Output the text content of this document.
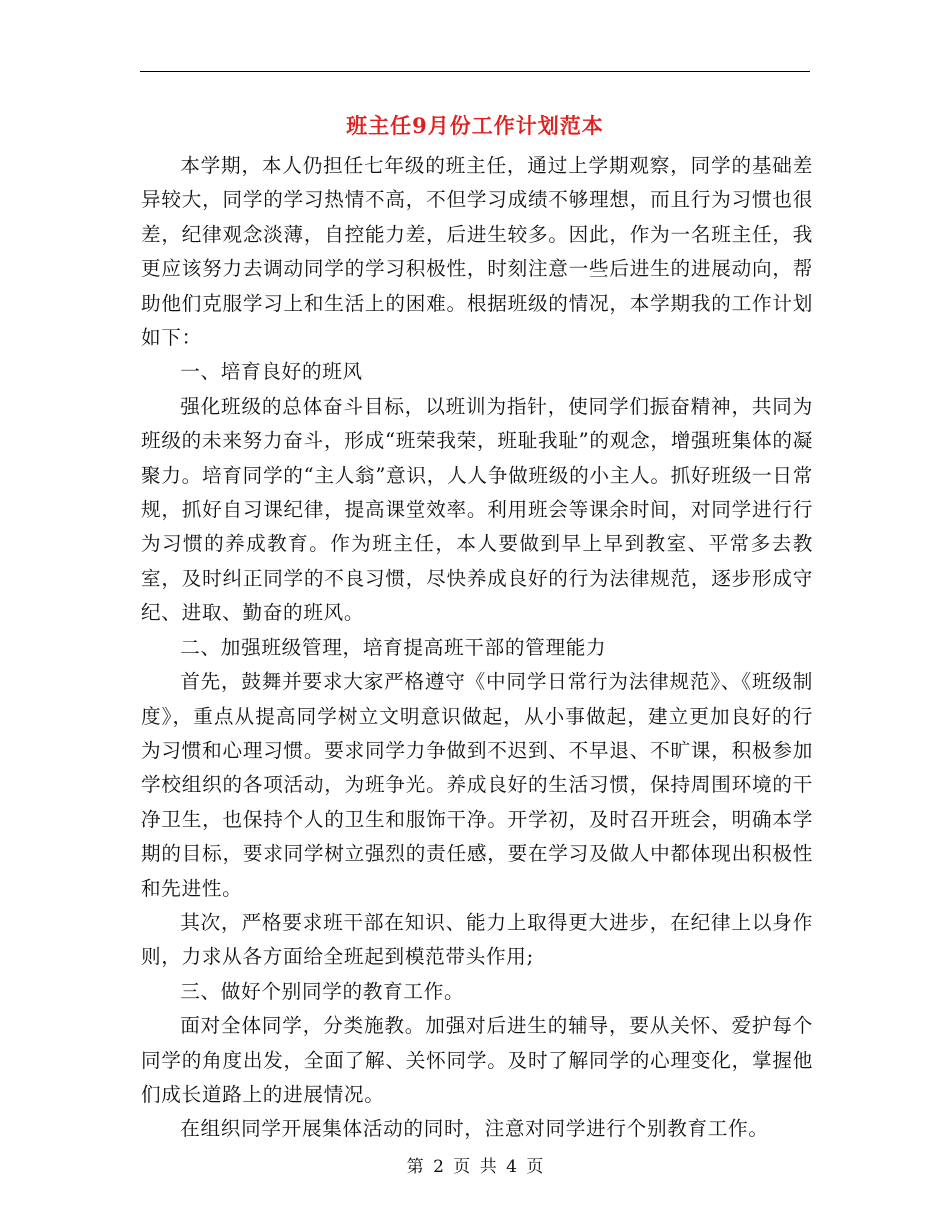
班主任9月份工作计划范本

本学期，本人仍担任七年级的班主任，通过上学期观察，同学的基础差异较大，同学的学习热情不高，不但学习成绩不够理想，而且行为习惯也很差，纪律观念淡薄，自控能力差，后进生较多。因此，作为一名班主任，我更应该努力去调动同学的学习积极性，时刻注意一些后进生的进展动向，帮助他们克服学习上和生活上的困难。根据班级的情况，本学期我的工作计划如下：

一、培育良好的班风

强化班级的总体奋斗目标，以班训为指针，使同学们振奋精神，共同为班级的未来努力奋斗，形成“班荣我荣，班耻我耻”的观念，增强班集体的凝聚力。培育同学的“主人翁”意识，人人争做班级的小主人。抓好班级一日常规，抓好自习课纪律，提高课堂效率。利用班会等课余时间，对同学进行行为习惯的养成教育。作为班主任，本人要做到早上早到教室、平常多去教室，及时纠正同学的不良习惯，尽快养成良好的行为法律规范，逐步形成守纪、进取、勤奋的班风。

二、加强班级管理，培育提高班干部的管理能力

首先，鼓舞并要求大家严格遵守《中同学日常行为法律规范》、《班级制度》，重点从提高同学树立文明意识做起，从小事做起，建立更加良好的行为习惯和心理习惯。要求同学力争做到不迟到、不早退、不旷课，积极参加学校组织的各项活动，为班争光。养成良好的生活习惯，保持周围环境的干净卫生，也保持个人的卫生和服饰干净。开学初，及时召开班会，明确本学期的目标，要求同学树立强烈的责任感，要在学习及做人中都体现出积极性和先进性。

其次，严格要求班干部在知识、能力上取得更大进步，在纪律上以身作则，力求从各方面给全班起到模范带头作用;

三、做好个别同学的教育工作。

面对全体同学，分类施教。加强对后进生的辅导，要从关怀、爱护每个同学的角度出发，全面了解、关怀同学。及时了解同学的心理变化，掌握他们成长道路上的进展情况。

在组织同学开展集体活动的同时，注意对同学进行个别教育工作。

第 2 页 共 4 页
